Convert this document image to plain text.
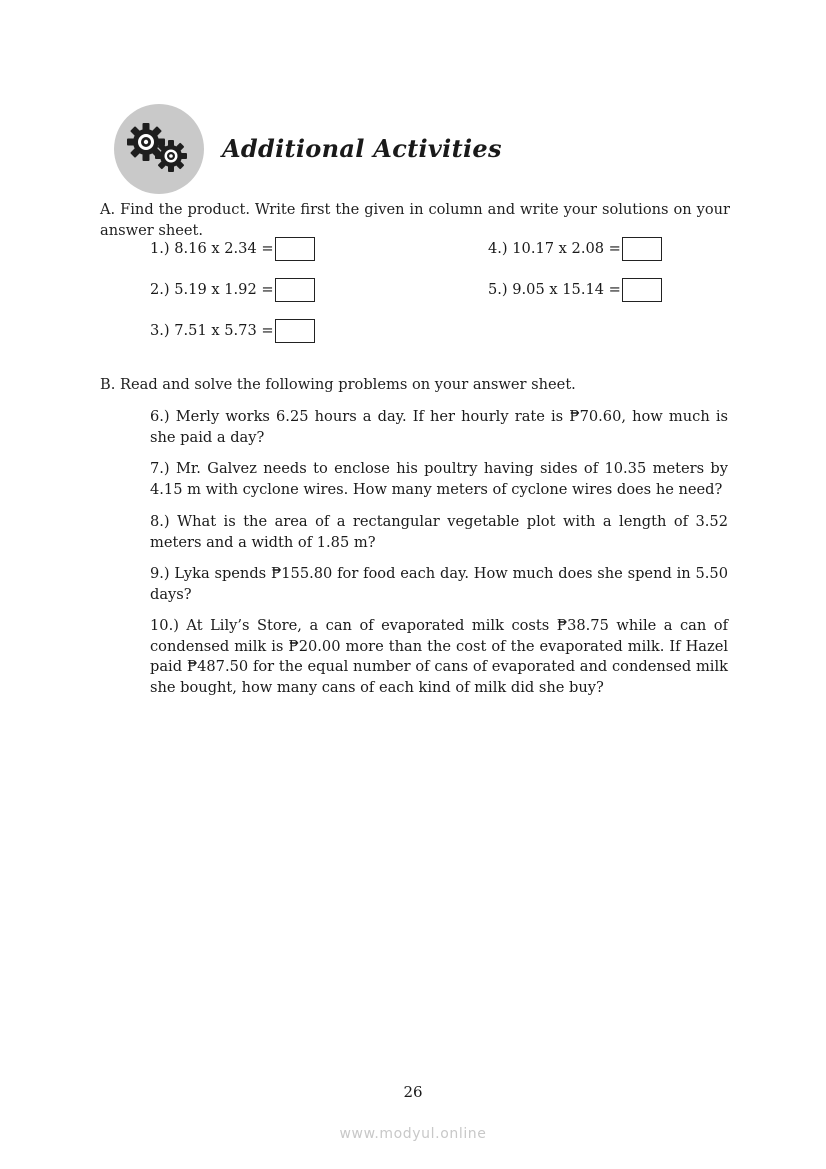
Additional Activities
A. Find the product. Write first the given in column and write your solutions on your answer sheet.
1.) 8.16 x 2.34 =
2.) 5.19 x 1.92 =
3.) 7.51 x 5.73 =
4.) 10.17 x 2.08 =
5.) 9.05 x 15.14 =
B. Read and solve the following problems on your answer sheet.
6.) Merly works 6.25 hours a day. If her hourly rate is ₱70.60, how much is she paid a day?
7.) Mr. Galvez needs to enclose his poultry having sides of 10.35 meters by 4.15 m with cyclone wires. How many meters of cyclone wires does he need?
8.) What is the area of a rectangular vegetable plot with a length of 3.52 meters and a width of 1.85 m?
9.) Lyka spends ₱155.80 for food each day. How much does she spend in 5.50 days?
10.) At Lily’s Store, a can of evaporated milk costs ₱38.75 while a can of condensed milk is ₱20.00 more than the cost of the evaporated milk. If Hazel paid ₱487.50 for the equal number of cans of evaporated and condensed milk she bought, how many cans of each kind of milk did she buy?
26
www.modyul.online
